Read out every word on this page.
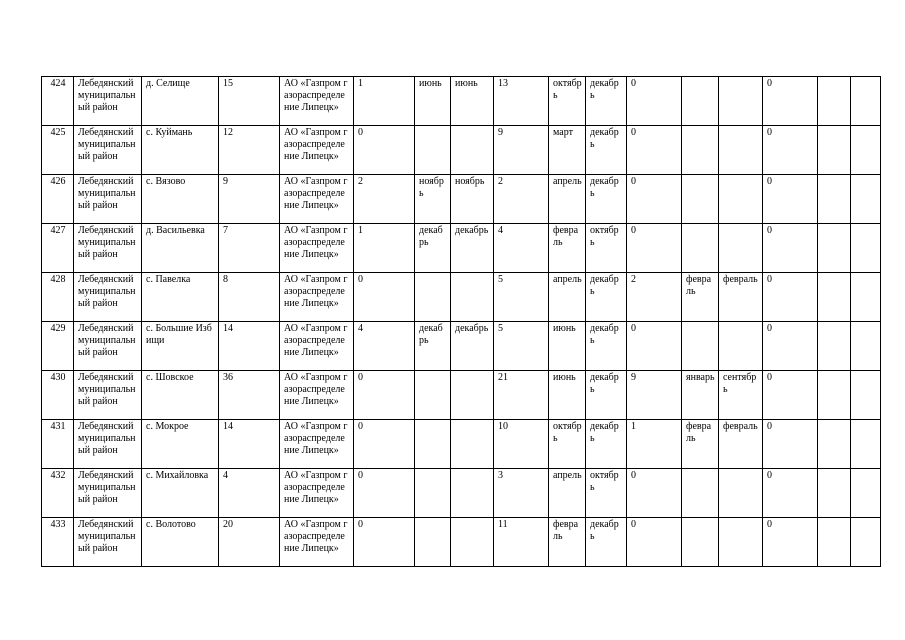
424	Лебедянский муниципальный район	д. Селище	15	АО «Газпром газораспределение Липецк»	1	июнь	июнь	13	октябрь	декабрь	0			0		
425	Лебедянский муниципальный район	с. Куймань	12	АО «Газпром газораспределение Липецк»	0			9	март	декабрь	0			0		
426	Лебедянский муниципальный район	с. Вязово	9	АО «Газпром газораспределение Липецк»	2	ноябрь	ноябрь	2	апрель	декабрь	0			0		
427	Лебедянский муниципальный район	д. Васильевка	7	АО «Газпром газораспределение Липецк»	1	декабрь	декабрь	4	февраль	октябрь	0			0		
428	Лебедянский муниципальный район	с. Павелка	8	АО «Газпром газораспределение Липецк»	0			5	апрель	декабрь	2	февраль	февраль	0		
429	Лебедянский муниципальный район	с. Большие Избищи	14	АО «Газпром газораспределение Липецк»	4	декабрь	декабрь	5	июнь	декабрь	0			0		
430	Лебедянский муниципальный район	с. Шовское	36	АО «Газпром газораспределение Липецк»	0			21	июнь	декабрь	9	январь	сентябрь	0		
431	Лебедянский муниципальный район	с. Мокрое	14	АО «Газпром газораспределение Липецк»	0			10	октябрь	декабрь	1	февраль	февраль	0		
432	Лебедянский муниципальный район	с. Михайловка	4	АО «Газпром газораспределение Липецк»	0			3	апрель	октябрь	0			0		
433	Лебедянский муниципальный район	с. Волотово	20	АО «Газпром газораспределение Липецк»	0			11	февраль	декабрь	0			0		
